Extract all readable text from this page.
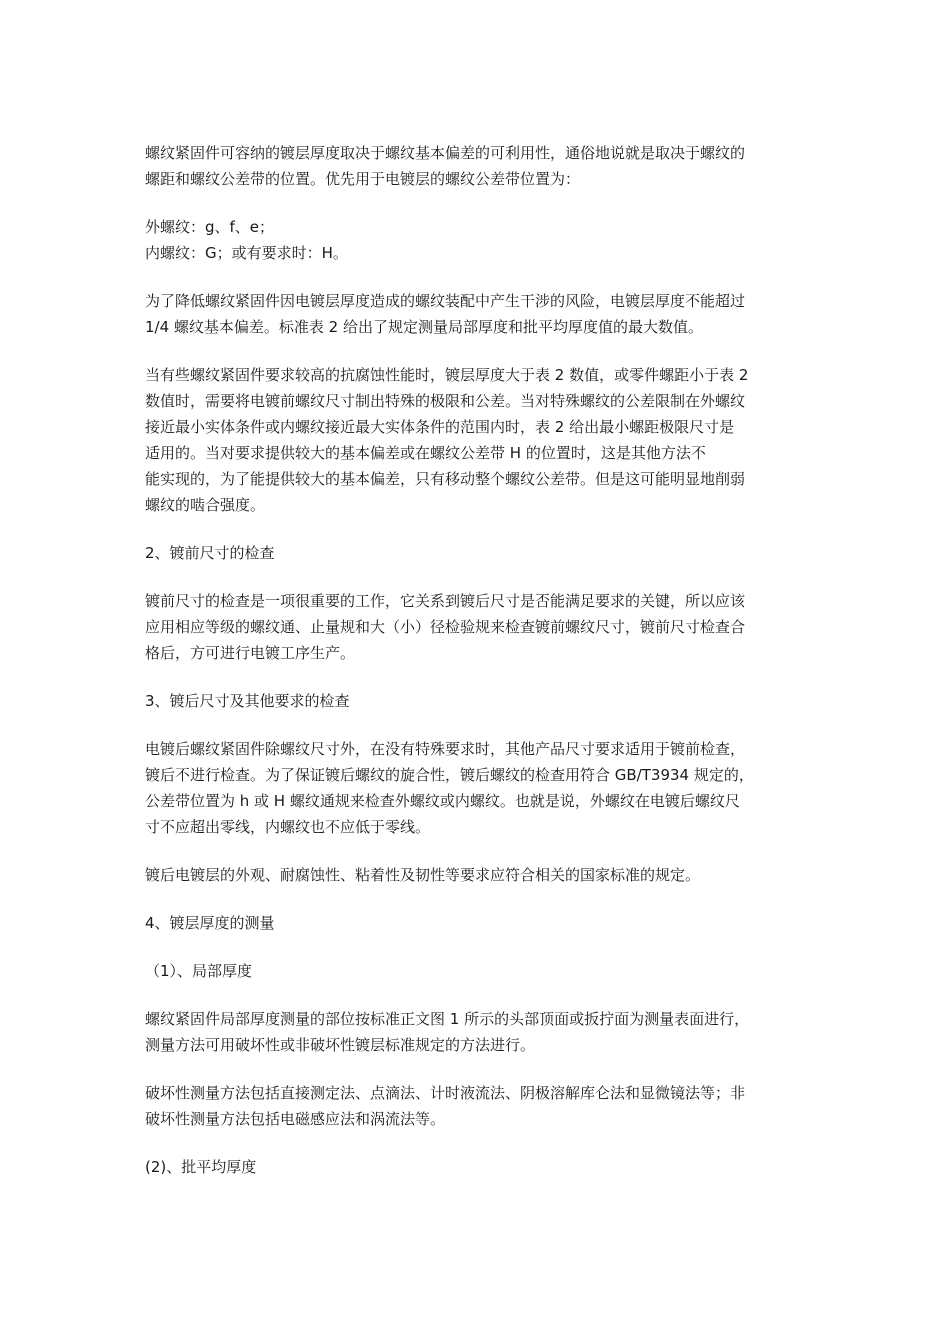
螺纹紧固件可容纳的镀层厚度取决于螺纹基本偏差的可利用性，通俗地说就是取决于螺纹的
螺距和螺纹公差带的位置。优先用于电镀层的螺纹公差带位置为：
外螺纹：g、f、e；
内螺纹：G；或有要求时：H。
为了降低螺纹紧固件因电镀层厚度造成的螺纹装配中产生干涉的风险，电镀层厚度不能超过
1/4 螺纹基本偏差。标准表 2 给出了规定测量局部厚度和批平均厚度值的最大数值。
当有些螺纹紧固件要求较高的抗腐蚀性能时，镀层厚度大于表 2 数值，或零件螺距小于表 2
数值时，需要将电镀前螺纹尺寸制出特殊的极限和公差。当对特殊螺纹的公差限制在外螺纹
接近最小实体条件或内螺纹接近最大实体条件的范围内时，表 2 给出最小螺距极限尺寸是
适用的。当对要求提供较大的基本偏差或在螺纹公差带 H 的位置时，这是其他方法不
能实现的，为了能提供较大的基本偏差，只有移动整个螺纹公差带。但是这可能明显地削弱
螺纹的啮合强度。
2、镀前尺寸的检查
镀前尺寸的检查是一项很重要的工作，它关系到镀后尺寸是否能满足要求的关键，所以应该
应用相应等级的螺纹通、止量规和大（小）径检验规来检查镀前螺纹尺寸，镀前尺寸检查合
格后，方可进行电镀工序生产。
3、镀后尺寸及其他要求的检查
电镀后螺纹紧固件除螺纹尺寸外，在没有特殊要求时，其他产品尺寸要求适用于镀前检查，
镀后不进行检查。为了保证镀后螺纹的旋合性，镀后螺纹的检查用符合 GB/T3934 规定的，
公差带位置为 h 或 H 螺纹通规来检查外螺纹或内螺纹。也就是说，外螺纹在电镀后螺纹尺
寸不应超出零线，内螺纹也不应低于零线。
镀后电镀层的外观、耐腐蚀性、粘着性及韧性等要求应符合相关的国家标准的规定。
4、镀层厚度的测量
（1）、局部厚度
螺纹紧固件局部厚度测量的部位按标准正文图 1 所示的头部顶面或扳拧面为测量表面进行，
测量方法可用破坏性或非破坏性镀层标准规定的方法进行。
破坏性测量方法包括直接测定法、点滴法、计时液流法、阴极溶解库仑法和显微镜法等；非
破坏性测量方法包括电磁感应法和涡流法等。
(2)、批平均厚度
